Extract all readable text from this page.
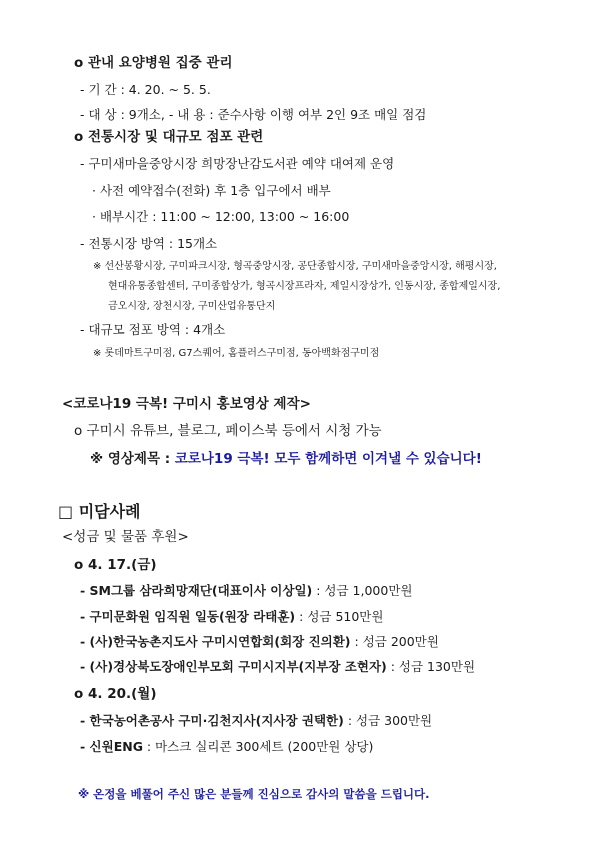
o 관내 요양병원 집중 관리
- 기 간 : 4. 20. ~ 5. 5.
- 대 상 : 9개소, - 내 용 : 준수사항 이행 여부 2인 9조 매일 점검
o 전통시장 및 대규모 점포 관련
- 구미새마을중앙시장 희망장난감도서관 예약 대여제 운영
· 사전 예약접수(전화) 후 1층 입구에서 배부
· 배부시간 : 11:00 ~ 12:00, 13:00 ~ 16:00
- 전통시장 방역 : 15개소
※ 선산봉황시장, 구미파크시장, 형곡중앙시장, 공단종합시장, 구미새마을중앙시장, 해평시장,
현대유통종합센터, 구미종합상가, 형곡시장프라자, 제일시장상가, 인동시장, 종합제일시장,
금오시장, 장천시장, 구미산업유통단지
- 대규모 점포 방역 : 4개소
※ 롯데마트구미점, G7스퀘어, 홈플러스구미점, 동아백화점구미점
<코로나19 극복! 구미시 홍보영상 제작>
o 구미시 유튜브, 블로그, 페이스북 등에서 시청 가능
※ 영상제목 : 코로나19 극복! 모두 함께하면 이겨낼 수 있습니다!
□ 미담사례
<성금 및 물품 후원>
o 4. 17.(금)
- SM그룹 삼라희망재단(대표이사 이상일) : 성금 1,000만원
- 구미문화원 임직원 일동(원장 라태훈) : 성금 510만원
- (사)한국농촌지도사 구미시연합회(회장 진의환) : 성금 200만원
- (사)경상북도장애인부모회 구미시지부(지부장 조현자) : 성금 130만원
o 4. 20.(월)
- 한국농어촌공사 구미·김천지사(지사장 권택한) : 성금 300만원
- 신원ENG : 마스크 실리콘 300세트 (200만원 상당)
※ 온정을 베풀어 주신 많은 분들께 진심으로 감사의 말씀을 드립니다.
